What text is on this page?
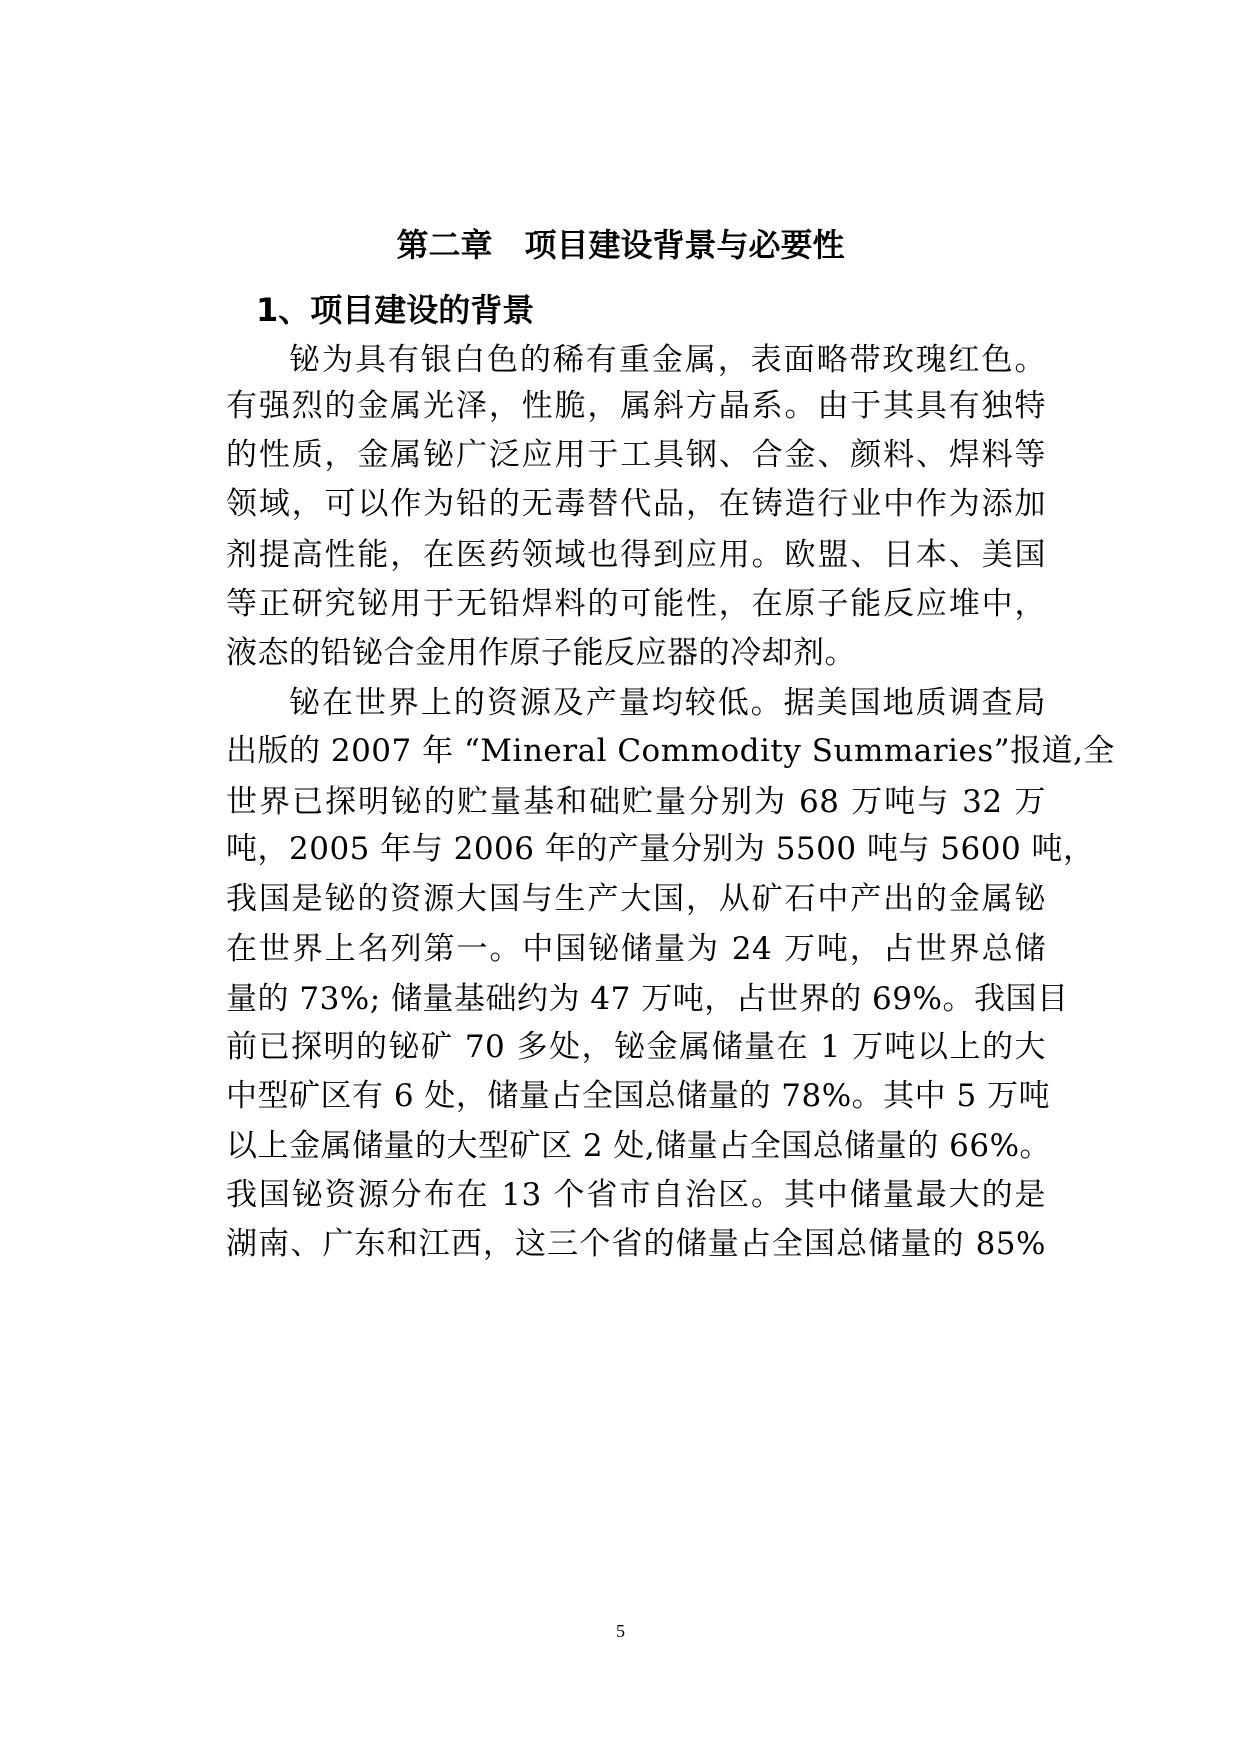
第二章　项目建设背景与必要性
1、项目建设的背景
铋为具有银白色的稀有重金属，表面略带玫瑰红色。
有强烈的金属光泽，性脆，属斜方晶系。由于其具有独特
的性质，金属铋广泛应用于工具钢、合金、颜料、焊料等
领域，可以作为铅的无毒替代品，在铸造行业中作为添加
剂提高性能，在医药领域也得到应用。欧盟、日本、美国
等正研究铋用于无铅焊料的可能性，在原子能反应堆中，
液态的铅铋合金用作原子能反应器的冷却剂。
铋在世界上的资源及产量均较低。据美国地质调查局
出版的 2007 年 “Mineral Commodity Summaries”报道,全
世界已探明铋的贮量基和础贮量分别为 68 万吨与 32 万
吨，2005 年与 2006 年的产量分别为 5500 吨与 5600 吨，
我国是铋的资源大国与生产大国，从矿石中产出的金属铋
在世界上名列第一。中国铋储量为 24 万吨，占世界总储
量的 73%; 储量基础约为 47 万吨，占世界的 69%。我国目
前已探明的铋矿 70 多处，铋金属储量在 1 万吨以上的大
中型矿区有 6 处，储量占全国总储量的 78%。其中 5 万吨
以上金属储量的大型矿区 2 处,储量占全国总储量的 66%。
我国铋资源分布在 13 个省市自治区。其中储量最大的是
湖南、广东和江西，这三个省的储量占全国总储量的 85%
5
